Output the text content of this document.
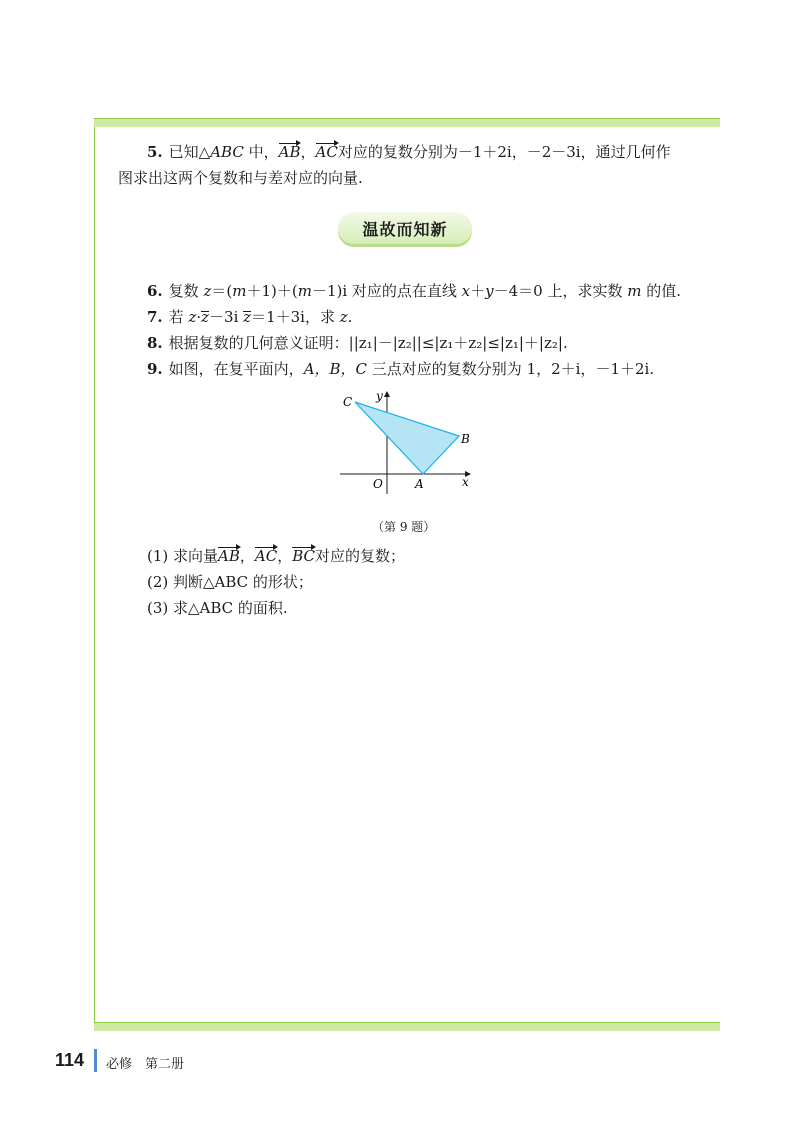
5. 已知△ABC 中，AB，AC对应的复数分别为－1＋2i，－2－3i，通过几何作
图求出这两个复数和与差对应的向量.
温故而知新
6. 复数 z＝(m＋1)＋(m－1)i 对应的点在直线 x＋y－4＝0 上，求实数 m 的值.
7. 若 z·z－3i z＝1＋3i，求 z.
8. 根据复数的几何意义证明：||z₁|－|z₂||≤|z₁＋z₂|≤|z₁|＋|z₂|.
9. 如图，在复平面内，A，B，C 三点对应的复数分别为 1，2＋i，－1＋2i.
C
B
A
O	x
y
（第 9 题）
(1) 求向量AB，AC，BC对应的复数；
(2) 判断△ABC 的形状；
(3) 求△ABC 的面积.
114 必修　第二册
